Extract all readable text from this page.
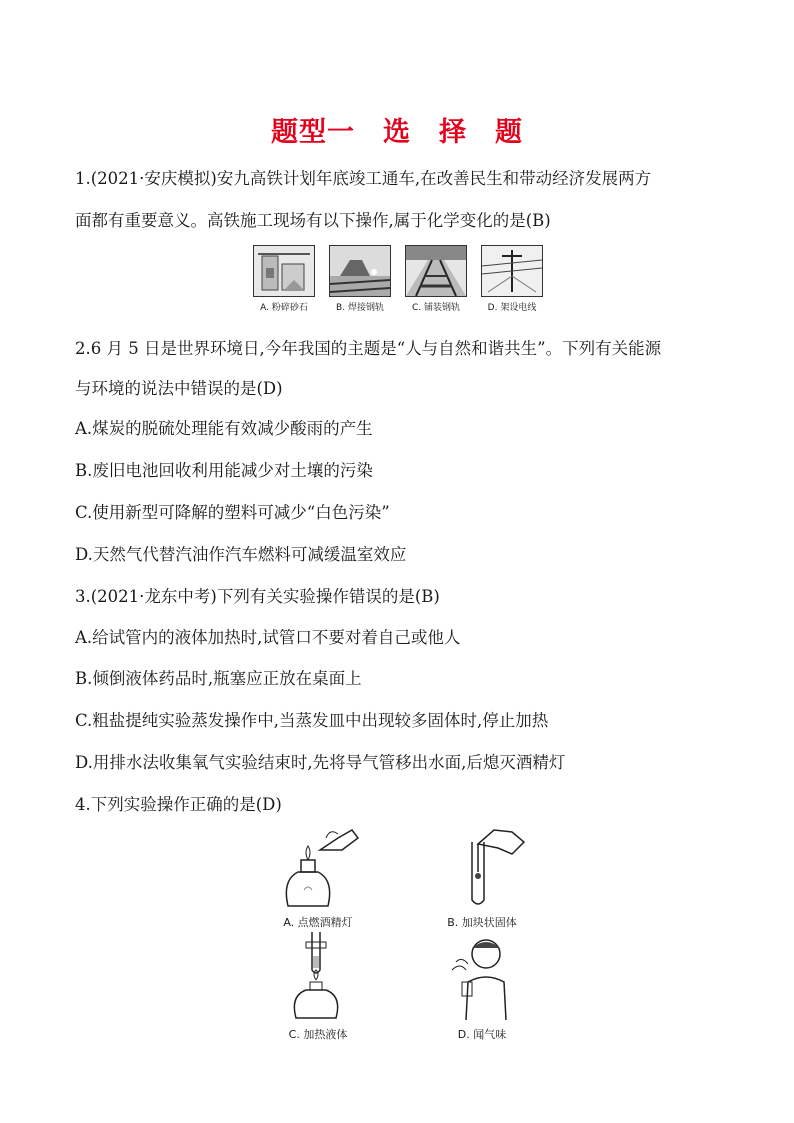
题型一　选　择　题
1.(2021·安庆模拟)安九高铁计划年底竣工通车,在改善民生和带动经济发展两方
面都有重要意义。高铁施工现场有以下操作,属于化学变化的是(B)
A. 粉碎砂石	B. 焊接钢轨	C. 铺装钢轨	D. 架设电线
2.6 月 5 日是世界环境日,今年我国的主题是“人与自然和谐共生”。下列有关能源
与环境的说法中错误的是(D)
A.煤炭的脱硫处理能有效减少酸雨的产生
B.废旧电池回收利用能减少对土壤的污染
C.使用新型可降解的塑料可减少“白色污染”
D.天然气代替汽油作汽车燃料可减缓温室效应
3.(2021·龙东中考)下列有关实验操作错误的是(B)
A.给试管内的液体加热时,试管口不要对着自己或他人
B.倾倒液体药品时,瓶塞应正放在桌面上
C.粗盐提纯实验蒸发操作中,当蒸发皿中出现较多固体时,停止加热
D.用排水法收集氧气实验结束时,先将导气管移出水面,后熄灭酒精灯
4.下列实验操作正确的是(D)
A. 点燃酒精灯	B. 加块状固体
C. 加热液体	D. 闻气味
